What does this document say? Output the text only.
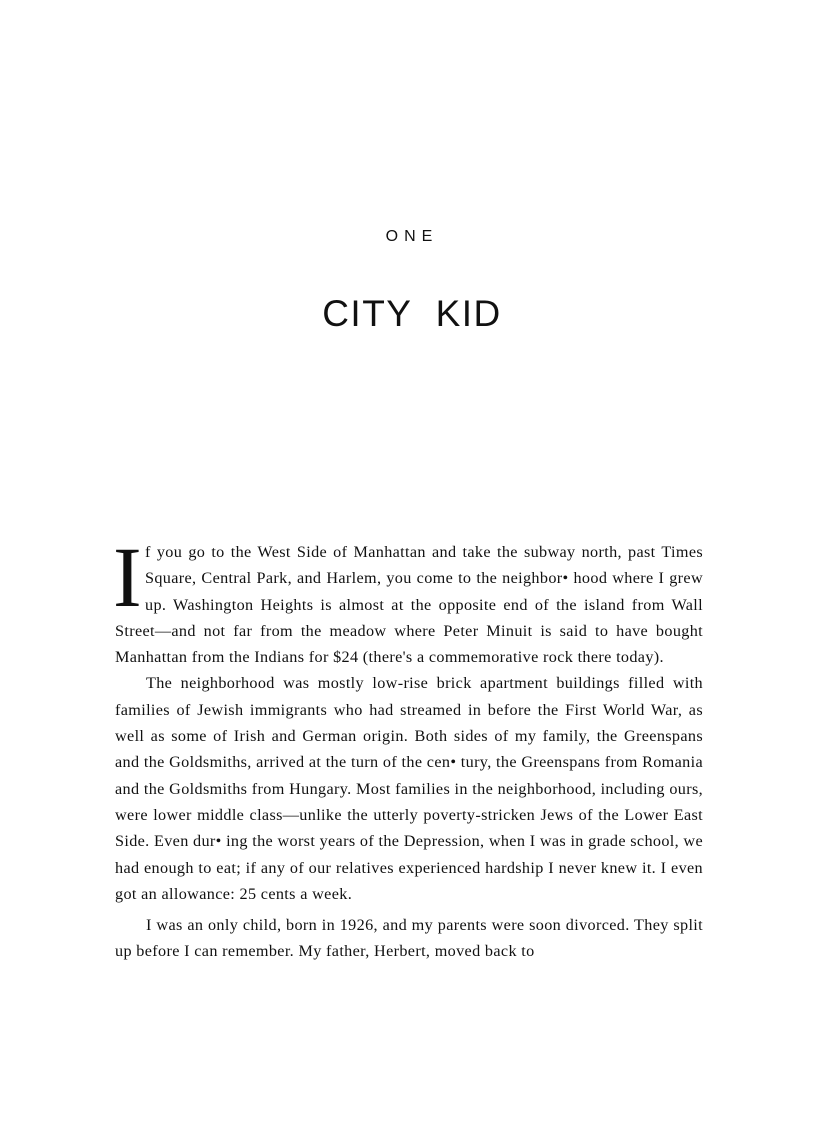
ONE
CITY KID

If you go to the West Side of Manhattan and take the subway north, past Times Square, Central Park, and Harlem, you come to the neighbor• hood where I grew up. Washington Heights is almost at the opposite end of the island from Wall Street—and not far from the meadow where Peter Minuit is said to have bought Manhattan from the Indians for $24 (there's a commemorative rock there today).

The neighborhood was mostly low-rise brick apartment buildings filled with families of Jewish immigrants who had streamed in before the First World War, as well as some of Irish and German origin. Both sides of my family, the Greenspans and the Goldsmiths, arrived at the turn of the cen• tury, the Greenspans from Romania and the Goldsmiths from Hungary. Most families in the neighborhood, including ours, were lower middle class—unlike the utterly poverty-stricken Jews of the Lower East Side. Even dur• ing the worst years of the Depression, when I was in grade school, we had enough to eat; if any of our relatives experienced hardship I never knew it. I even got an allowance: 25 cents a week.

I was an only child, born in 1926, and my parents were soon divorced. They split up before I can remember. My father, Herbert, moved back to
